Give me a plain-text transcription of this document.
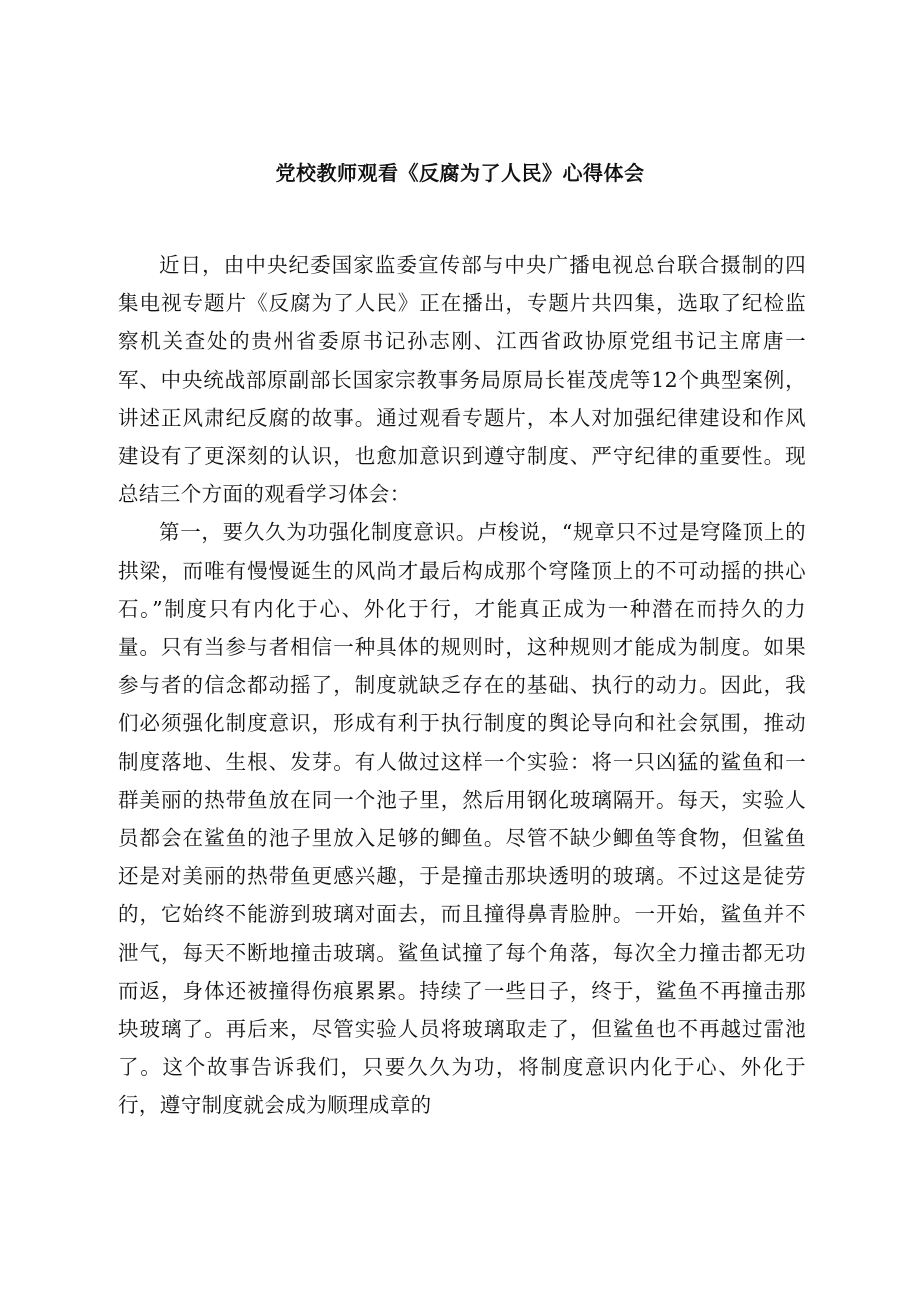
党校教师观看《反腐为了人民》心得体会

近日，由中央纪委国家监委宣传部与中央广播电视总台联合摄制的四集电视专题片《反腐为了人民》正在播出，专题片共四集，选取了纪检监察机关查处的贵州省委原书记孙志刚、江西省政协原党组书记主席唐一军、中央统战部原副部长国家宗教事务局原局长崔茂虎等12个典型案例，讲述正风肃纪反腐的故事。通过观看专题片，本人对加强纪律建设和作风建设有了更深刻的认识，也愈加意识到遵守制度、严守纪律的重要性。现总结三个方面的观看学习体会：

第一，要久久为功强化制度意识。卢梭说，“规章只不过是穹隆顶上的拱梁，而唯有慢慢诞生的风尚才最后构成那个穹隆顶上的不可动摇的拱心石。”制度只有内化于心、外化于行，才能真正成为一种潜在而持久的力量。只有当参与者相信一种具体的规则时，这种规则才能成为制度。如果参与者的信念都动摇了，制度就缺乏存在的基础、执行的动力。因此，我们必须强化制度意识，形成有利于执行制度的舆论导向和社会氛围，推动制度落地、生根、发芽。有人做过这样一个实验：将一只凶猛的鲨鱼和一群美丽的热带鱼放在同一个池子里，然后用钢化玻璃隔开。每天，实验人员都会在鲨鱼的池子里放入足够的鲫鱼。尽管不缺少鲫鱼等食物，但鲨鱼还是对美丽的热带鱼更感兴趣，于是撞击那块透明的玻璃。不过这是徒劳的，它始终不能游到玻璃对面去，而且撞得鼻青脸肿。一开始，鲨鱼并不泄气，每天不断地撞击玻璃。鲨鱼试撞了每个角落，每次全力撞击都无功而返，身体还被撞得伤痕累累。持续了一些日子，终于，鲨鱼不再撞击那块玻璃了。再后来，尽管实验人员将玻璃取走了，但鲨鱼也不再越过雷池了。这个故事告诉我们，只要久久为功，将制度意识内化于心、外化于行，遵守制度就会成为顺理成章的
